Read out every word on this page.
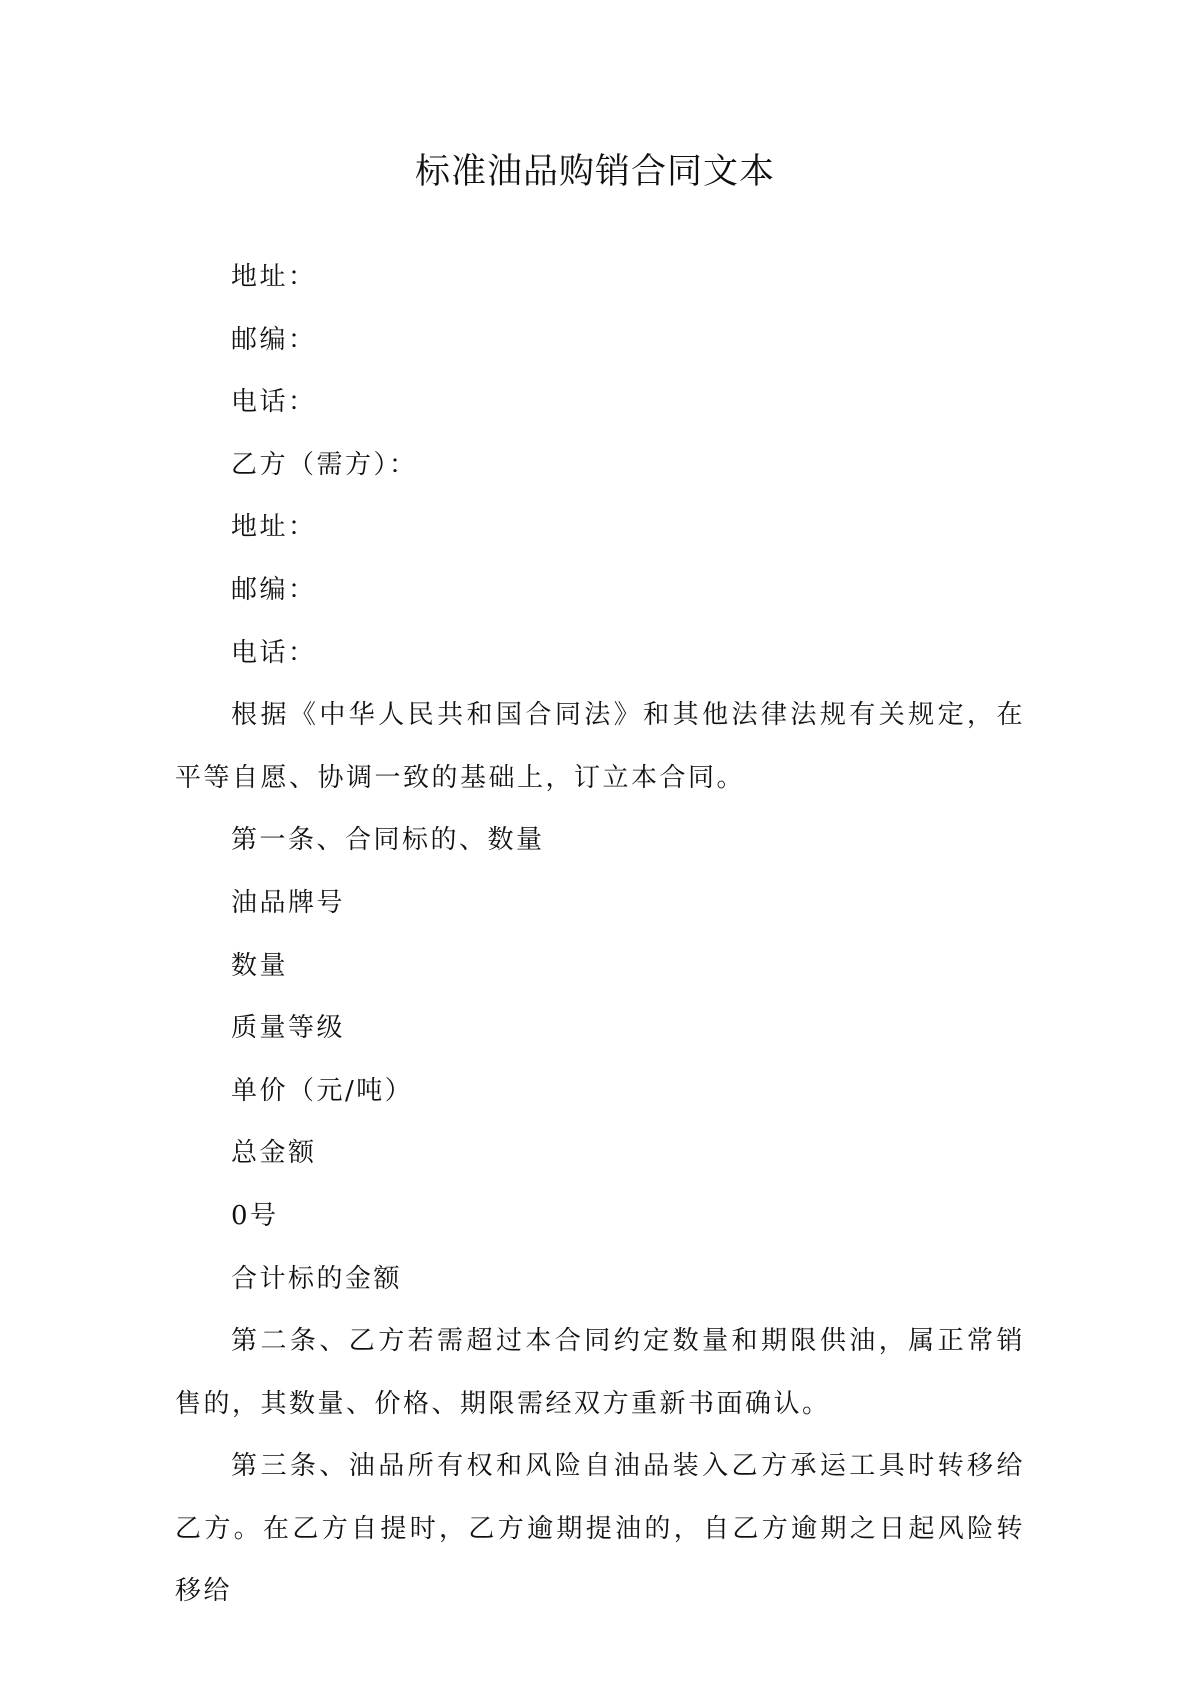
标准油品购销合同文本

地址：

邮编：

电话：

乙方（需方）：

地址：

邮编：

电话：

根据《中华人民共和国合同法》和其他法律法规有关规定，在平等自愿、协调一致的基础上，订立本合同。

第一条、合同标的、数量

油品牌号

数量

质量等级

单价（元/吨）

总金额

0号

合计标的金额

第二条、乙方若需超过本合同约定数量和期限供油，属正常销售的，其数量、价格、期限需经双方重新书面确认。

第三条、油品所有权和风险自油品装入乙方承运工具时转移给乙方。在乙方自提时，乙方逾期提油的，自乙方逾期之日起风险转移给
